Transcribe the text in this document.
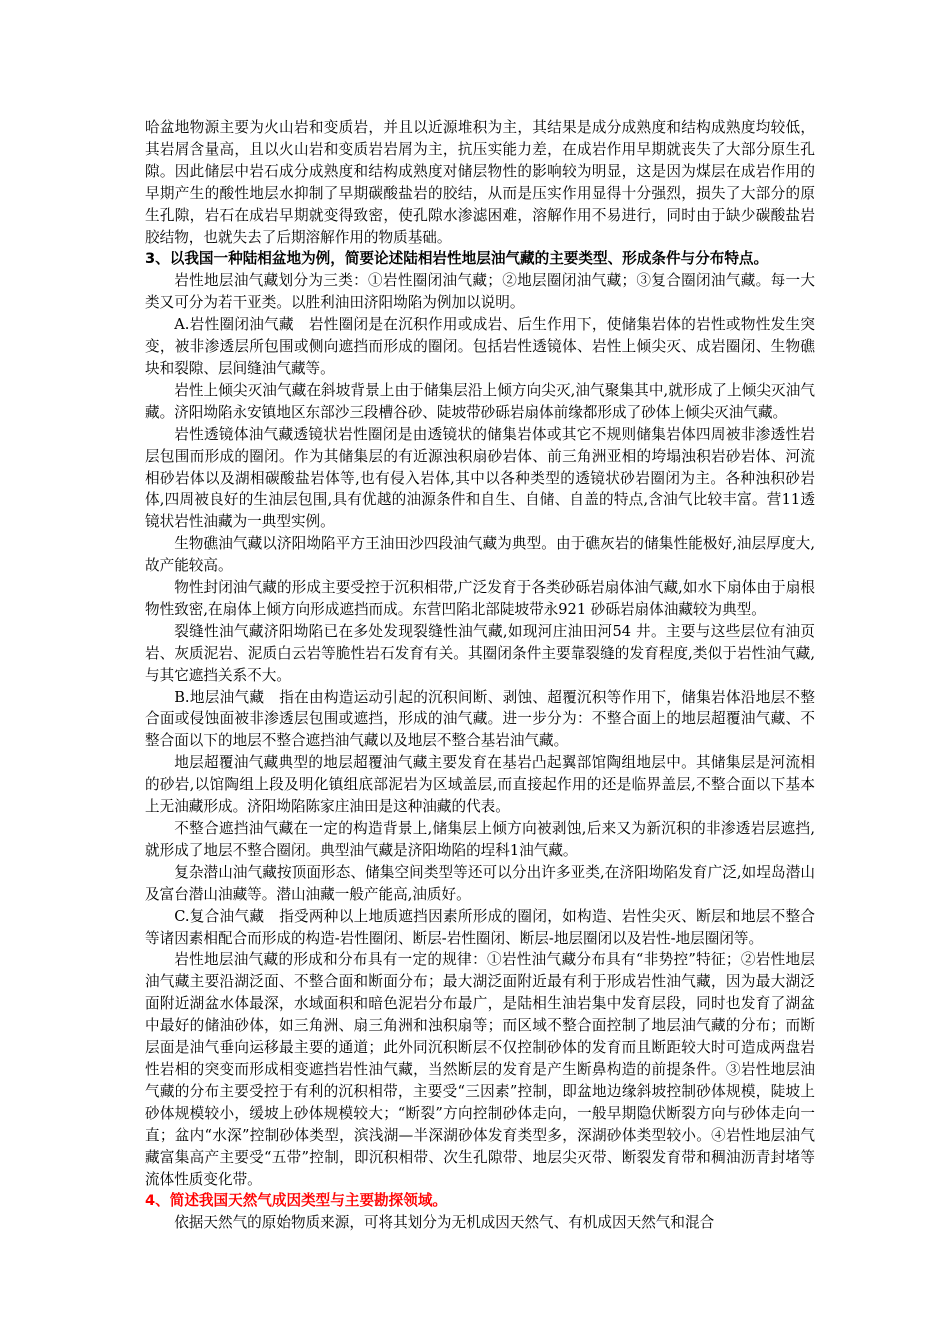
哈盆地物源主要为火山岩和变质岩，并且以近源堆积为主，其结果是成分成熟度和结构成熟度均较低，其岩屑含量高，且以火山岩和变质岩岩屑为主，抗压实能力差，在成岩作用早期就丧失了大部分原生孔隙。因此储层中岩石成分成熟度和结构成熟度对储层物性的影响较为明显，这是因为煤层在成岩作用的早期产生的酸性地层水抑制了早期碳酸盐岩的胶结，从而是压实作用显得十分强烈，损失了大部分的原生孔隙，岩石在成岩早期就变得致密，使孔隙水渗滤困难，溶解作用不易进行，同时由于缺少碳酸盐岩胶结物，也就失去了后期溶解作用的物质基础。

3、以我国一种陆相盆地为例，简要论述陆相岩性地层油气藏的主要类型、形成条件与分布特点。

岩性地层油气藏划分为三类：①岩性圈闭油气藏；②地层圈闭油气藏；③复合圈闭油气藏。每一大类又可分为若干亚类。以胜利油田济阳坳陷为例加以说明。

A.岩性圈闭油气藏　岩性圈闭是在沉积作用或成岩、后生作用下，使储集岩体的岩性或物性发生突变，被非渗透层所包围或侧向遮挡而形成的圈闭。包括岩性透镜体、岩性上倾尖灭、成岩圈闭、生物礁块和裂隙、层间缝油气藏等。

岩性上倾尖灭油气藏在斜坡背景上由于储集层沿上倾方向尖灭,油气聚集其中,就形成了上倾尖灭油气藏。济阳坳陷永安镇地区东部沙三段槽谷砂、陡坡带砂砾岩扇体前缘都形成了砂体上倾尖灭油气藏。

岩性透镜体油气藏透镜状岩性圈闭是由透镜状的储集岩体或其它不规则储集岩体四周被非渗透性岩层包围而形成的圈闭。作为其储集层的有近源浊积扇砂岩体、前三角洲亚相的垮塌浊积岩砂岩体、河流相砂岩体以及湖相碳酸盐岩体等,也有侵入岩体,其中以各种类型的透镜状砂岩圈闭为主。各种浊积砂岩体,四周被良好的生油层包围,具有优越的油源条件和自生、自储、自盖的特点,含油气比较丰富。营11透镜状岩性油藏为一典型实例。

生物礁油气藏以济阳坳陷平方王油田沙四段油气藏为典型。由于礁灰岩的储集性能极好,油层厚度大,故产能较高。

物性封闭油气藏的形成主要受控于沉积相带,广泛发育于各类砂砾岩扇体油气藏,如水下扇体由于扇根物性致密,在扇体上倾方向形成遮挡而成。东营凹陷北部陡坡带永921 砂砾岩扇体油藏较为典型。

裂缝性油气藏济阳坳陷已在多处发现裂缝性油气藏,如现河庄油田河54 井。主要与这些层位有油页岩、灰质泥岩、泥质白云岩等脆性岩石发育有关。其圈闭条件主要靠裂缝的发育程度,类似于岩性油气藏,与其它遮挡关系不大。

B.地层油气藏　指在由构造运动引起的沉积间断、剥蚀、超覆沉积等作用下，储集岩体沿地层不整合面或侵蚀面被非渗透层包围或遮挡，形成的油气藏。进一步分为：不整合面上的地层超覆油气藏、不整合面以下的地层不整合遮挡油气藏以及地层不整合基岩油气藏。

地层超覆油气藏典型的地层超覆油气藏主要发育在基岩凸起翼部馆陶组地层中。其储集层是河流相的砂岩,以馆陶组上段及明化镇组底部泥岩为区域盖层,而直接起作用的还是临界盖层,不整合面以下基本上无油藏形成。济阳坳陷陈家庄油田是这种油藏的代表。

不整合遮挡油气藏在一定的构造背景上,储集层上倾方向被剥蚀,后来又为新沉积的非渗透岩层遮挡,就形成了地层不整合圈闭。典型油气藏是济阳坳陷的埕科1油气藏。

复杂潜山油气藏按顶面形态、储集空间类型等还可以分出许多亚类,在济阳坳陷发育广泛,如埕岛潜山及富台潜山油藏等。潜山油藏一般产能高,油质好。

C.复合油气藏　指受两种以上地质遮挡因素所形成的圈闭，如构造、岩性尖灭、断层和地层不整合等诸因素相配合而形成的构造-岩性圈闭、断层-岩性圈闭、断层-地层圈闭以及岩性-地层圈闭等。

岩性地层油气藏的形成和分布具有一定的规律：①岩性油气藏分布具有“非势控”特征；②岩性地层油气藏主要沿湖泛面、不整合面和断面分布；最大湖泛面附近最有利于形成岩性油气藏，因为最大湖泛面附近湖盆水体最深，水域面积和暗色泥岩分布最广，是陆相生油岩集中发育层段，同时也发育了湖盆中最好的储油砂体，如三角洲、扇三角洲和浊积扇等；而区域不整合面控制了地层油气藏的分布；而断层面是油气垂向运移最主要的通道；此外同沉积断层不仅控制砂体的发育而且断距较大时可造成两盘岩性岩相的突变而形成相变遮挡岩性油气藏，当然断层的发育是产生断鼻构造的前提条件。③岩性地层油气藏的分布主要受控于有利的沉积相带，主要受“三因素”控制，即盆地边缘斜坡控制砂体规模，陡坡上砂体规模较小，缓坡上砂体规模较大；“断裂”方向控制砂体走向，一般早期隐伏断裂方向与砂体走向一直；盆内“水深”控制砂体类型，滨浅湖—半深湖砂体发育类型多，深湖砂体类型较小。④岩性地层油气藏富集高产主要受“五带”控制，即沉积相带、次生孔隙带、地层尖灭带、断裂发育带和稠油沥青封堵等流体性质变化带。

4、简述我国天然气成因类型与主要勘探领域。

依据天然气的原始物质来源，可将其划分为无机成因天然气、有机成因天然气和混合
